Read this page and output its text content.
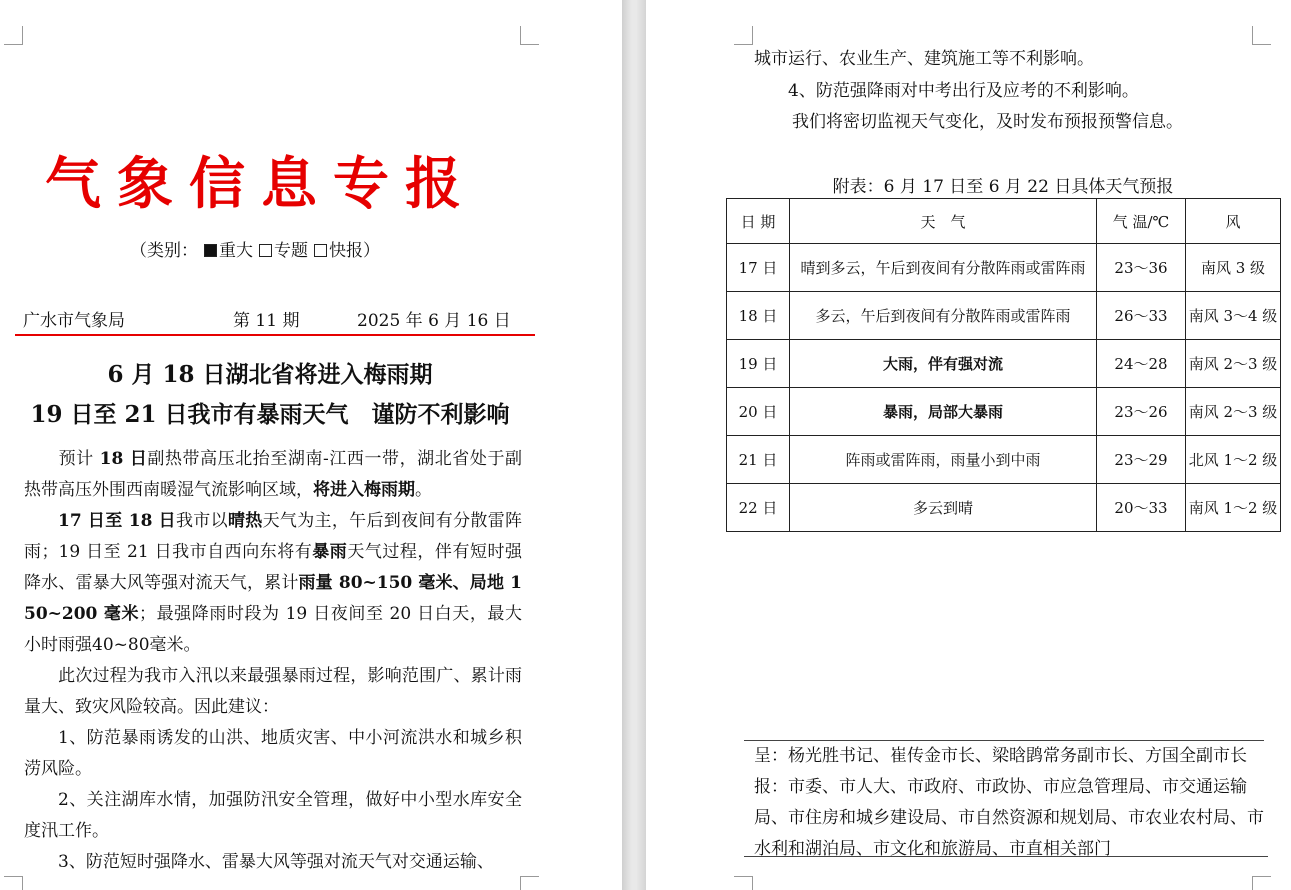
气象信息专报
（类别： 重大 专题 快报）
广水市气象局	第 11 期	2025 年 6 月 16 日
6 月 18 日湖北省将进入梅雨期
19 日至 21 日我市有暴雨天气　谨防不利影响
预计 18 日副热带高压北抬至湖南-江西一带，湖北省处于副热带高压外围西南暖湿气流影响区域，将进入梅雨期。
17 日至 18 日我市以晴热天气为主，午后到夜间有分散雷阵雨；19 日至 21 日我市自西向东将有暴雨天气过程，伴有短时强降水、雷暴大风等强对流天气，累计雨量 80~150 毫米、局地 150~200 毫米；最强降雨时段为 19 日夜间至 20 日白天，最大小时雨强40~80毫米。
此次过程为我市入汛以来最强暴雨过程，影响范围广、累计雨量大、致灾风险较高。因此建议：
1、防范暴雨诱发的山洪、地质灾害、中小河流洪水和城乡积涝风险。
2、关注湖库水情，加强防汛安全管理，做好中小型水库安全度汛工作。
3、防范短时强降水、雷暴大风等强对流天气对交通运输、
城市运行、农业生产、建筑施工等不利影响。
4、防范强降雨对中考出行及应考的不利影响。
我们将密切监视天气变化，及时发布预报预警信息。
附表：6 月 17 日至 6 月 22 日具体天气预报
日 期	天　气	气 温/℃	风
17 日	晴到多云，午后到夜间有分散阵雨或雷阵雨	23～36	南风 3 级
18 日	多云，午后到夜间有分散阵雨或雷阵雨	26～33	南风 3～4 级
19 日	大雨，伴有强对流	24～28	南风 2～3 级
20 日	暴雨，局部大暴雨	23～26	南风 2～3 级
21 日	阵雨或雷阵雨，雨量小到中雨	23～29	北风 1～2 级
22 日	多云到晴	20～33	南风 1～2 级
呈：杨光胜书记、崔传金市长、梁晗鹍常务副市长、方国全副市长
报：市委、市人大、市政府、市政协、市应急管理局、市交通运输局、市住房和城乡建设局、市自然资源和规划局、市农业农村局、市水利和湖泊局、市文化和旅游局、市直相关部门
